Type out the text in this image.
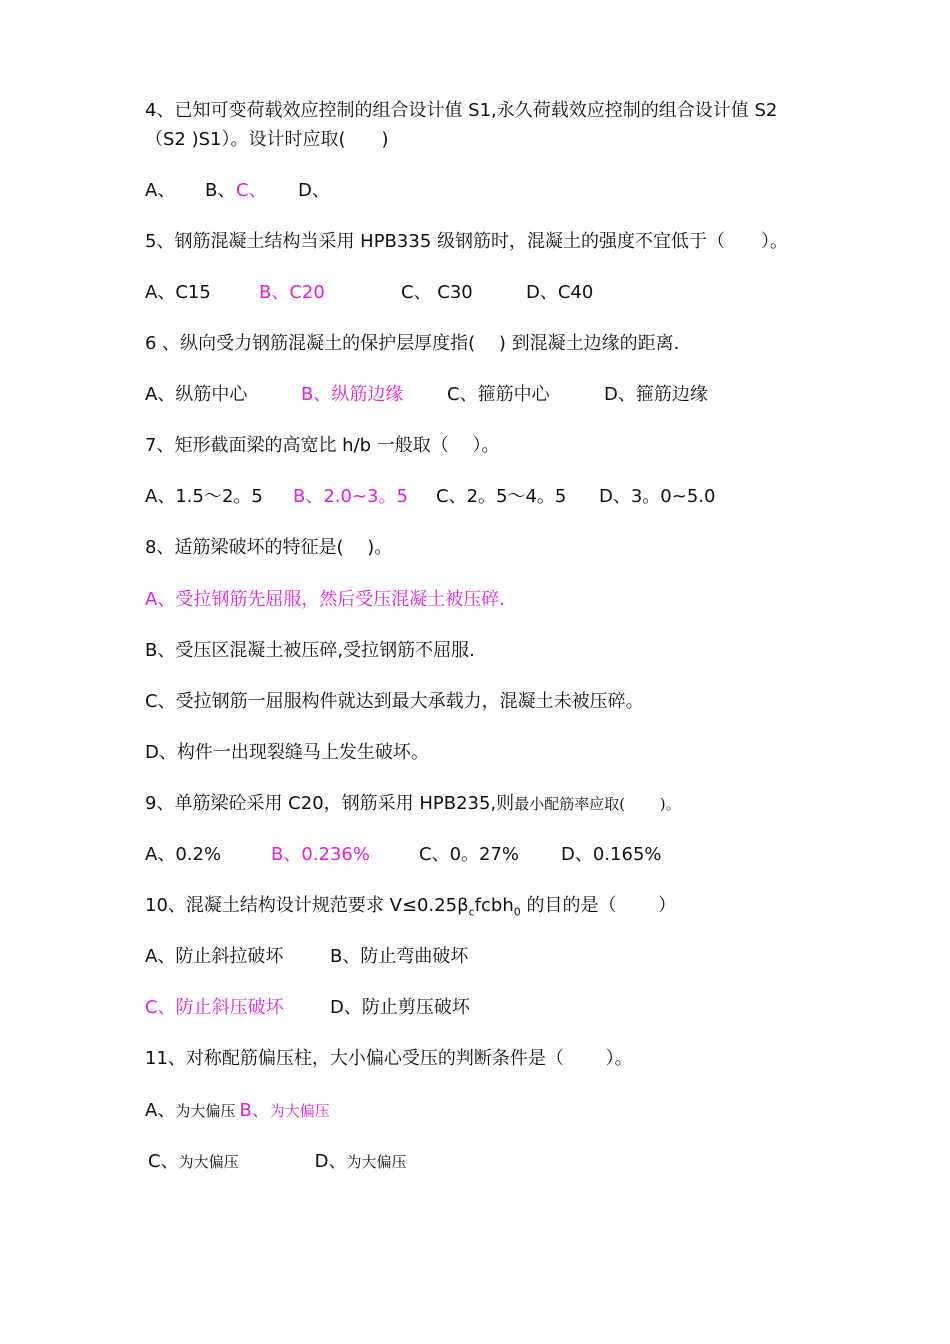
4、已知可变荷载效应控制的组合设计值 S1,永久荷载效应控制的组合设计值 S2
（S2 )S1）。设计时应取(　　)
A、 B、C、 D、
5、钢筋混凝土结构当采用 HPB335 级钢筋时，混凝土的强度不宜低于（　　）。
A、C15	B、C20	C、 C30	D、C40
6 、纵向受力钢筋混凝土的保护层厚度指(　 ) 到混凝土边缘的距离.
A、纵筋中心	B、纵筋边缘 C、箍筋中心	D、箍筋边缘
7、矩形截面梁的高宽比 h/b 一般取（　 ）。
A、1.5～2。5 B、2.0~3。5 C、2。5～4。5 D、3。0~5.0
8、适筋梁破坏的特征是(　 )。
A、受拉钢筋先屈服，然后受压混凝土被压碎.
B、受压区混凝土被压碎,受拉钢筋不屈服.
C、受拉钢筋一屈服构件就达到最大承载力，混凝土未被压碎。
D、构件一出现裂缝马上发生破坏。
9、单筋梁砼采用 C20，钢筋采用 HPB235,则最小配筋率应取(　　 )。
A、0.2%	B、0.236%	C、0。27% D、0.165%
10、混凝土结构设计规范要求 $V\le 0.25\beta_cfcbh_0$ 的目的是（　　 ）
A、防止斜拉破坏	B、防止弯曲破坏
C、防止斜压破坏	D、防止剪压破坏
11、对称配筋偏压柱，大小偏心受压的判断条件是（　　 ）。
A、为大偏压 B、为大偏压
C、为大偏压	D、为大偏压
